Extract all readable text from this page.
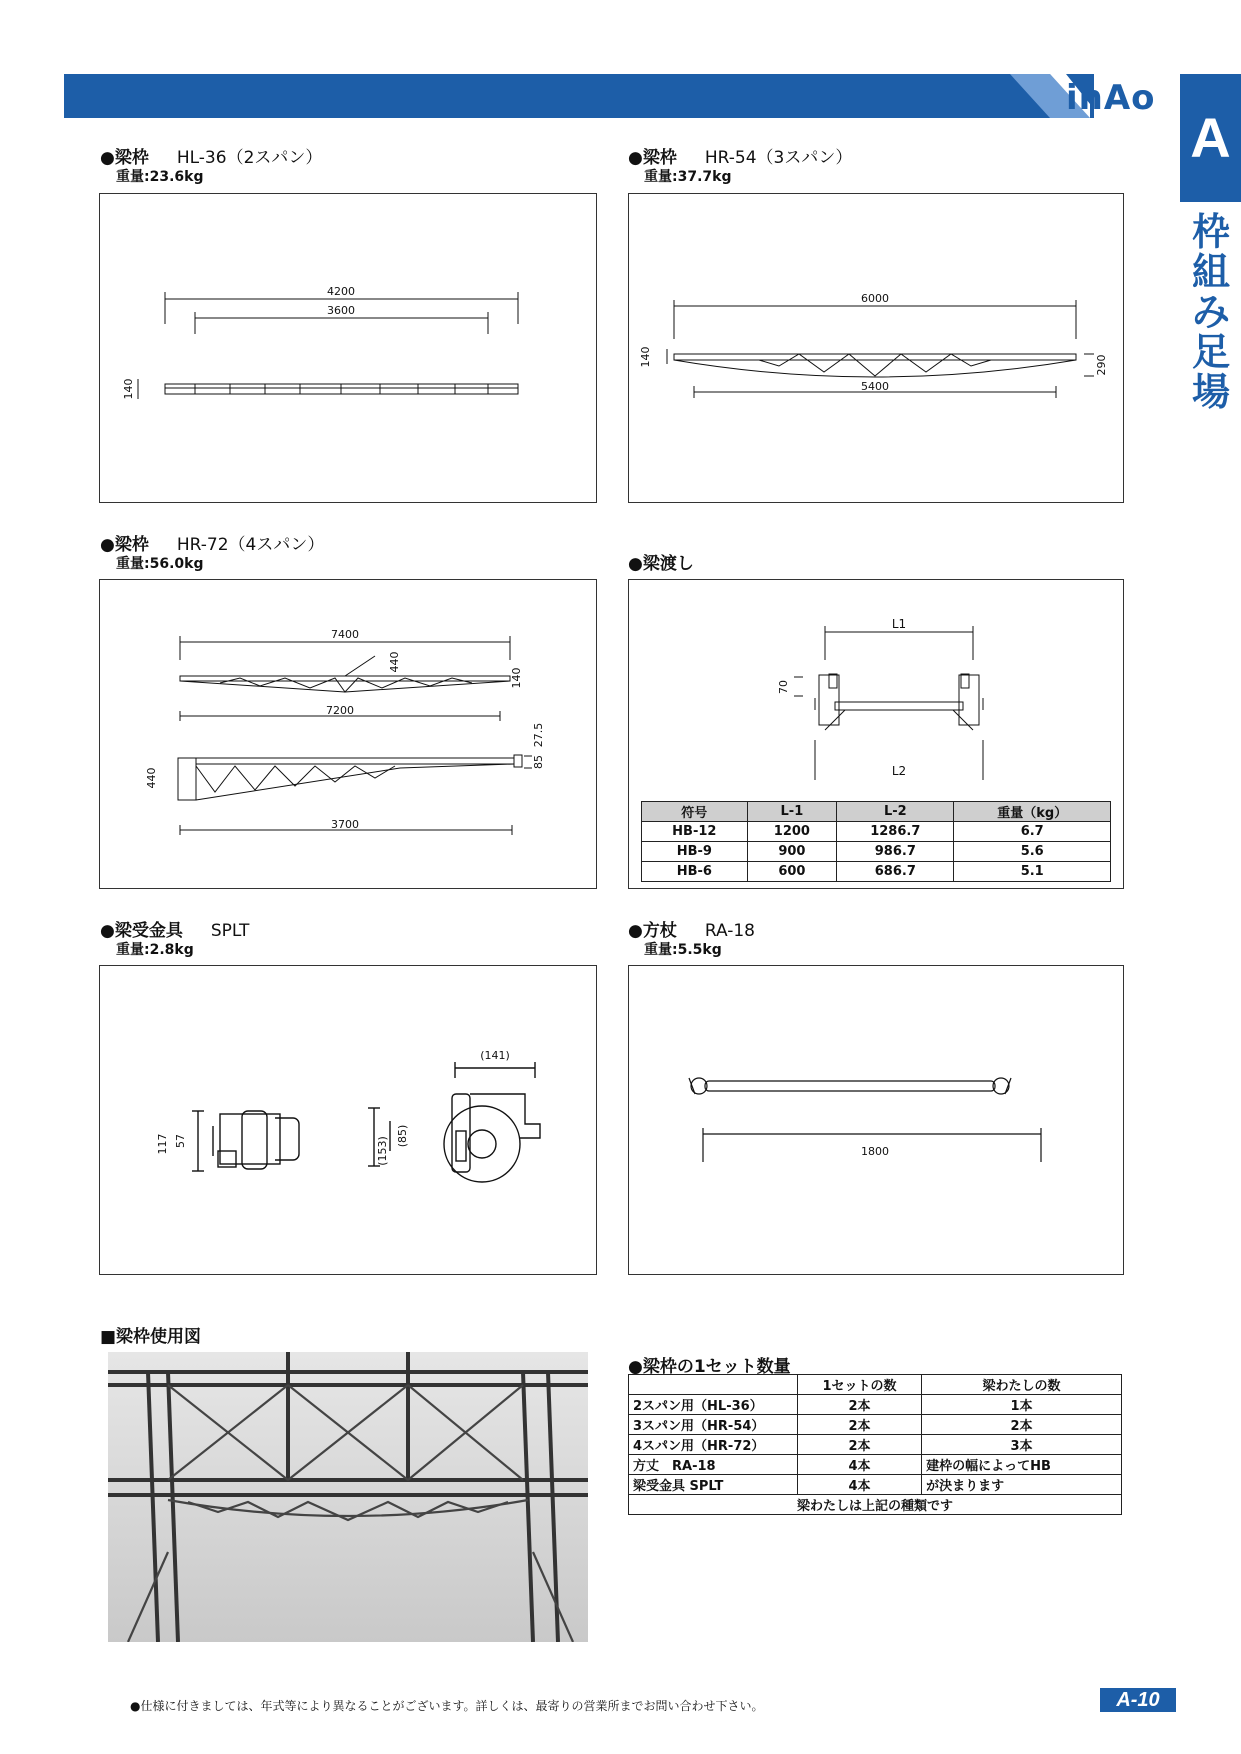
inAo
A
枠組み足場
●梁枠 HL-36（2スパン）
重量:23.6kg
4200
3600
140
●梁枠 HR-54（3スパン）
重量:37.7kg
6000
5400
140	290
●梁枠 HR-72（4スパン）
重量:56.0kg
7400
7200
440
140
440
85
27.5
3700
●梁渡し
L1
L2
70
符号	L-1	L-2	重量（kg）
HB-12	1200	1286.7	6.7
HB-9	900	986.7	5.6
HB-6	600	686.7	5.1
●梁受金具 SPLT
重量:2.8kg
117 57
(141)
(153)
(85)
●方杖 RA-18
重量:5.5kg
1800
■梁枠使用図
●梁枠の1セット数量
	1セットの数	梁わたしの数
2スパン用（HL-36）	2本	1本
3スパン用（HR-54）	2本	2本
4スパン用（HR-72）	2本	3本
方丈　RA-18	4本	建枠の幅によってHB
梁受金具 SPLT	4本	が決まります
梁わたしは上記の種類です		
●仕様に付きましては、年式等により異なることがございます。詳しくは、最寄りの営業所までお問い合わせ下さい。	A-10
